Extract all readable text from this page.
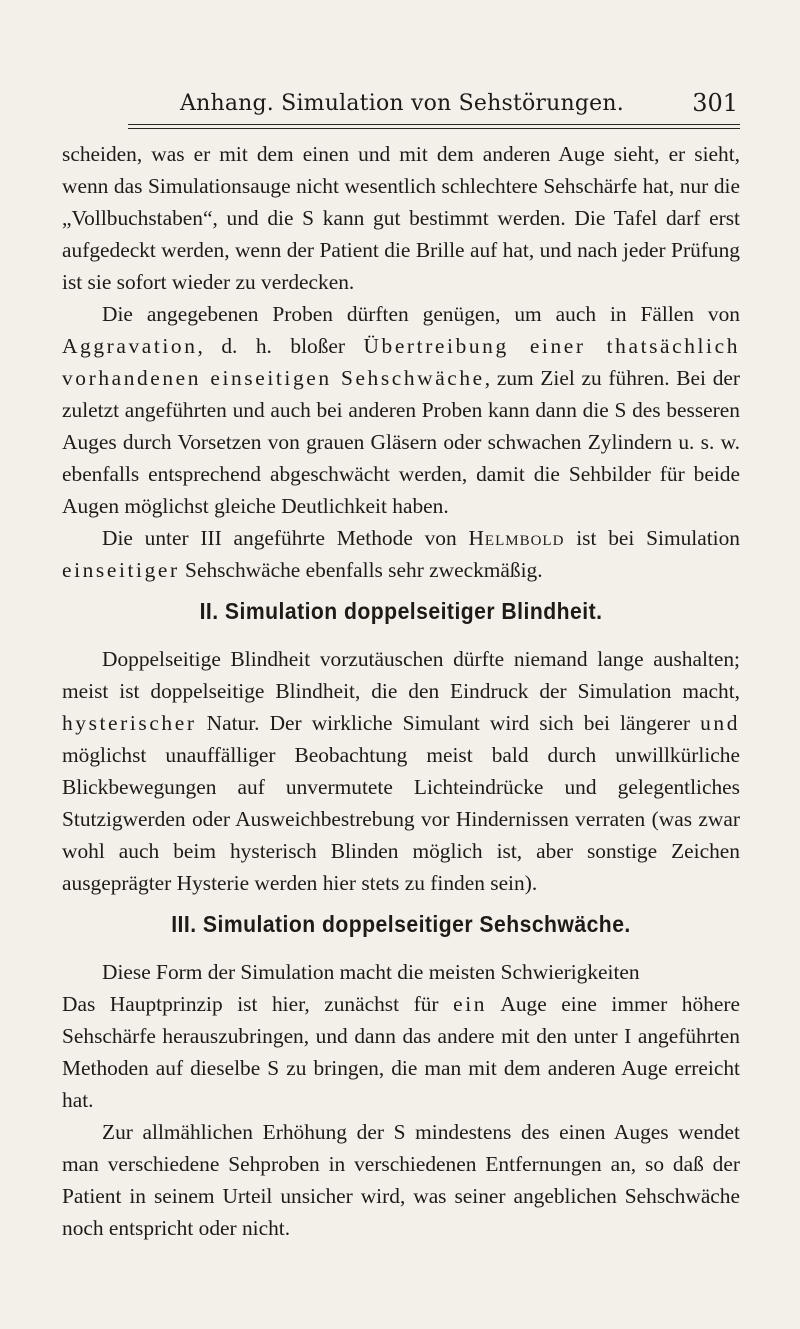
Anhang. Simulation von Sehstörungen.	301

scheiden, was er mit dem einen und mit dem anderen Auge sieht, er sieht, wenn das Simulationsauge nicht wesentlich schlechtere Sehschärfe hat, nur die „Vollbuchstaben“, und die S kann gut bestimmt werden. Die Tafel darf erst aufgedeckt werden, wenn der Patient die Brille auf hat, und nach jeder Prüfung ist sie sofort wieder zu verdecken.

Die angegebenen Proben dürften genügen, um auch in Fällen von Aggravation, d. h. bloßer Übertreibung einer thatsächlich vorhandenen einseitigen Sehschwäche, zum Ziel zu führen. Bei der zuletzt angeführten und auch bei anderen Proben kann dann die S des besseren Auges durch Vorsetzen von grauen Gläsern oder schwachen Zylindern u. s. w. ebenfalls entsprechend abgeschwächt werden, damit die Sehbilder für beide Augen möglichst gleiche Deutlichkeit haben.

Die unter III angeführte Methode von Helmbold ist bei Simulation einseitiger Sehschwäche ebenfalls sehr zweckmäßig.

II. Simulation doppelseitiger Blindheit.

Doppelseitige Blindheit vorzutäuschen dürfte niemand lange aushalten; meist ist doppelseitige Blindheit, die den Eindruck der Simulation macht, hysterischer Natur. Der wirkliche Simulant wird sich bei längerer und möglichst unauffälliger Beobachtung meist bald durch unwillkürliche Blickbewegungen auf unvermutete Lichteindrücke und gelegentliches Stutzigwerden oder Ausweichbestrebung vor Hindernissen verraten (was zwar wohl auch beim hysterisch Blinden möglich ist, aber sonstige Zeichen ausgeprägter Hysterie werden hier stets zu finden sein).

III. Simulation doppelseitiger Sehschwäche.

Diese Form der Simulation macht die meisten Schwierigkeiten

Das Hauptprinzip ist hier, zunächst für ein Auge eine immer höhere Sehschärfe herauszubringen, und dann das andere mit den unter I angeführten Methoden auf dieselbe S zu bringen, die man mit dem anderen Auge erreicht hat.

Zur allmählichen Erhöhung der S mindestens des einen Auges wendet man verschiedene Sehproben in verschiedenen Entfernungen an, so daß der Patient in seinem Urteil unsicher wird, was seiner angeblichen Sehschwäche noch entspricht oder nicht.
